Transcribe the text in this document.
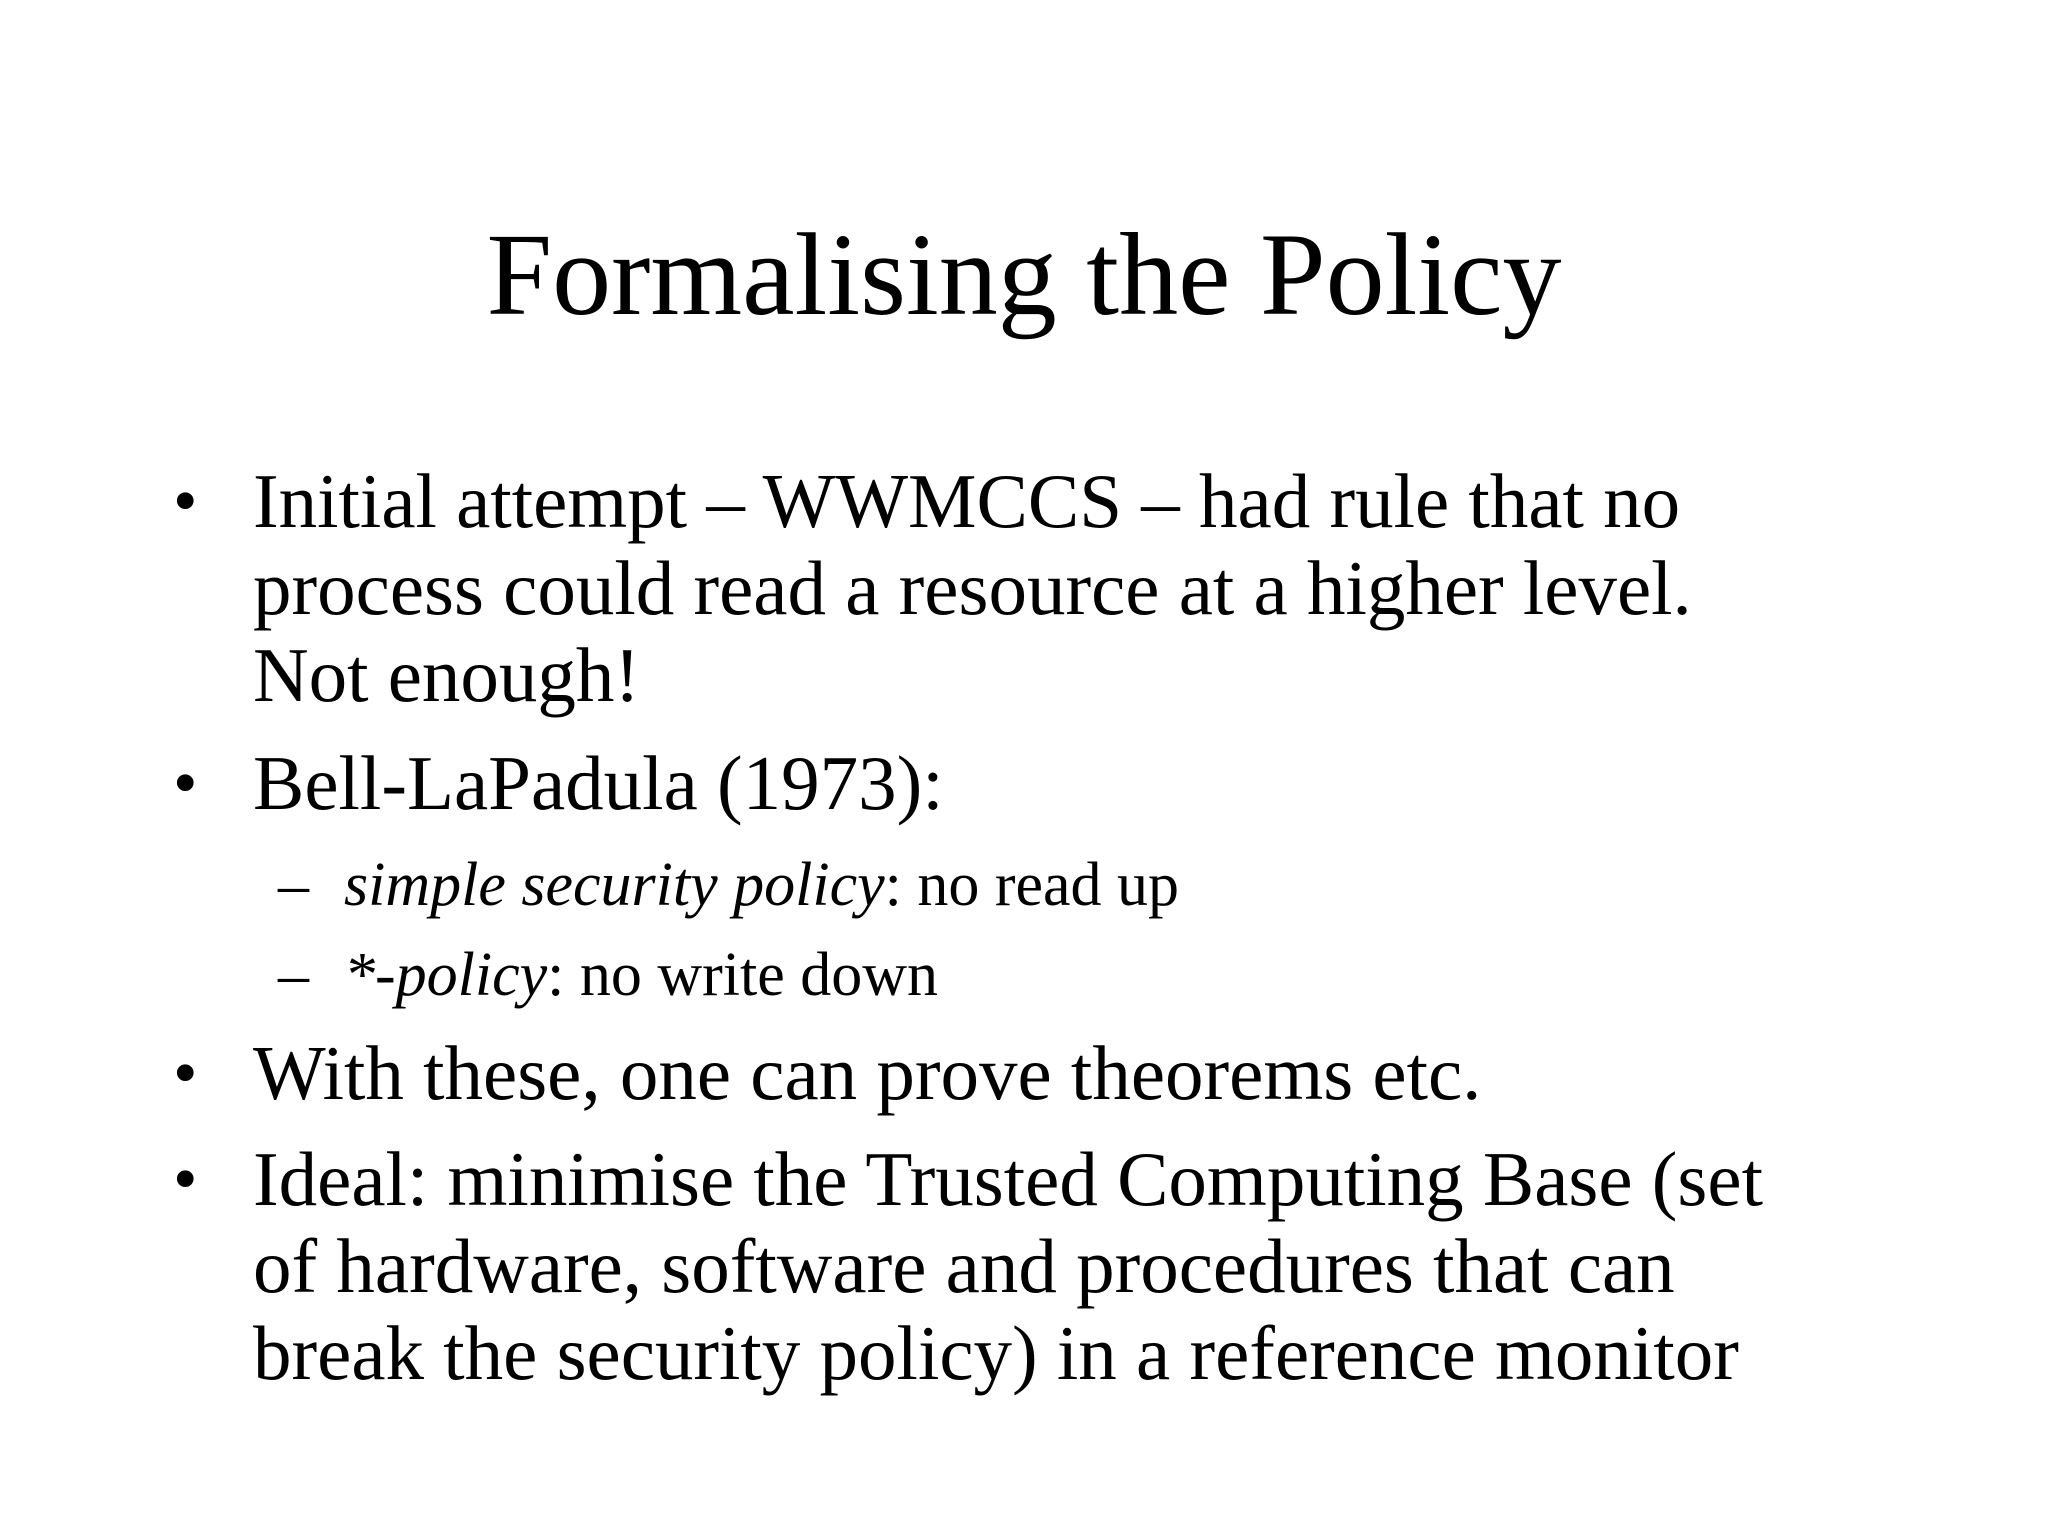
Formalising the Policy
• Initial attempt – WWMCCS – had rule that no
process could read a resource at a higher level.
Not enough!
• Bell-LaPadula (1973):
– simple security policy: no read up
– *-policy: no write down
• With these, one can prove theorems etc.
• Ideal: minimise the Trusted Computing Base (set
of hardware, software and procedures that can
break the security policy) in a reference monitor
